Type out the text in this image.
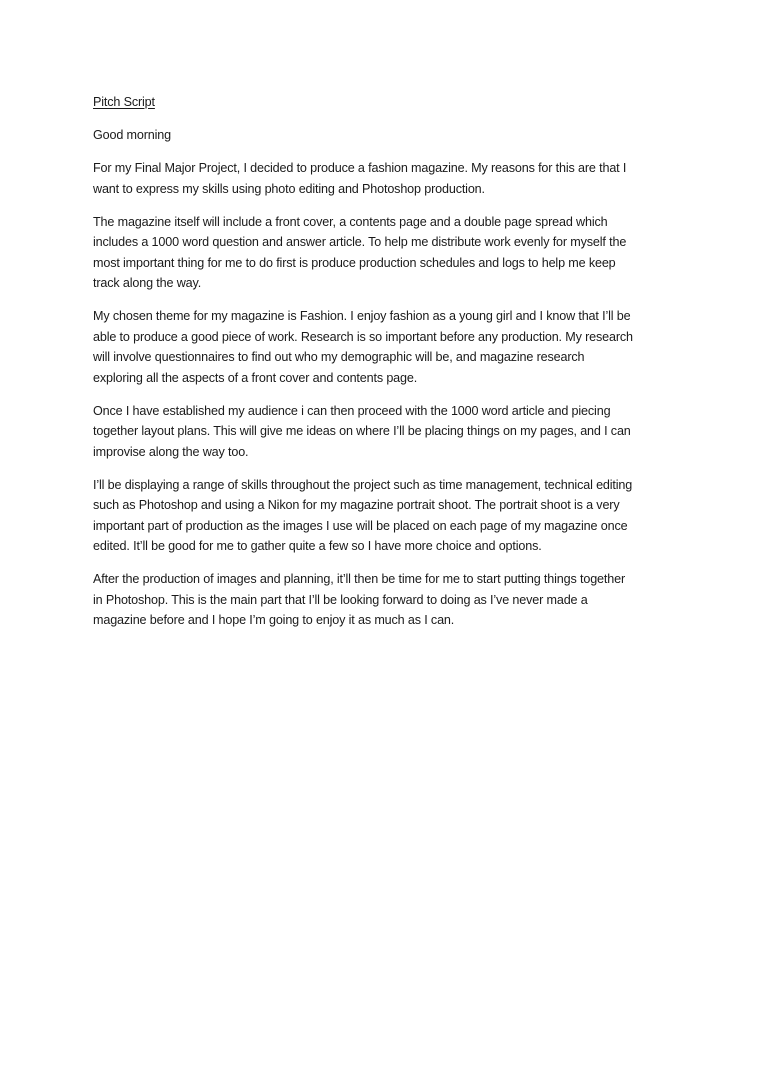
Pitch Script

Good morning

For my Final Major Project, I decided to produce a fashion magazine. My reasons for this are that I
want to express my skills using photo editing and Photoshop production.

The magazine itself will include a front cover, a contents page and a double page spread which
includes a 1000 word question and answer article. To help me distribute work evenly for myself the
most important thing for me to do first is produce production schedules and logs to help me keep
track along the way.

My chosen theme for my magazine is Fashion. I enjoy fashion as a young girl and I know that I’ll be
able to produce a good piece of work. Research is so important before any production. My research
will involve questionnaires to find out who my demographic will be, and magazine research
exploring all the aspects of a front cover and contents page.

Once I have established my audience i can then proceed with the 1000 word article and piecing
together layout plans. This will give me ideas on where I’ll be placing things on my pages, and I can
improvise along the way too.

I’ll be displaying a range of skills throughout the project such as time management, technical editing
such as Photoshop and using a Nikon for my magazine portrait shoot. The portrait shoot is a very
important part of production as the images I use will be placed on each page of my magazine once
edited. It’ll be good for me to gather quite a few so I have more choice and options.

After the production of images and planning, it’ll then be time for me to start putting things together
in Photoshop. This is the main part that I’ll be looking forward to doing as I’ve never made a
magazine before and I hope I’m going to enjoy it as much as I can.
